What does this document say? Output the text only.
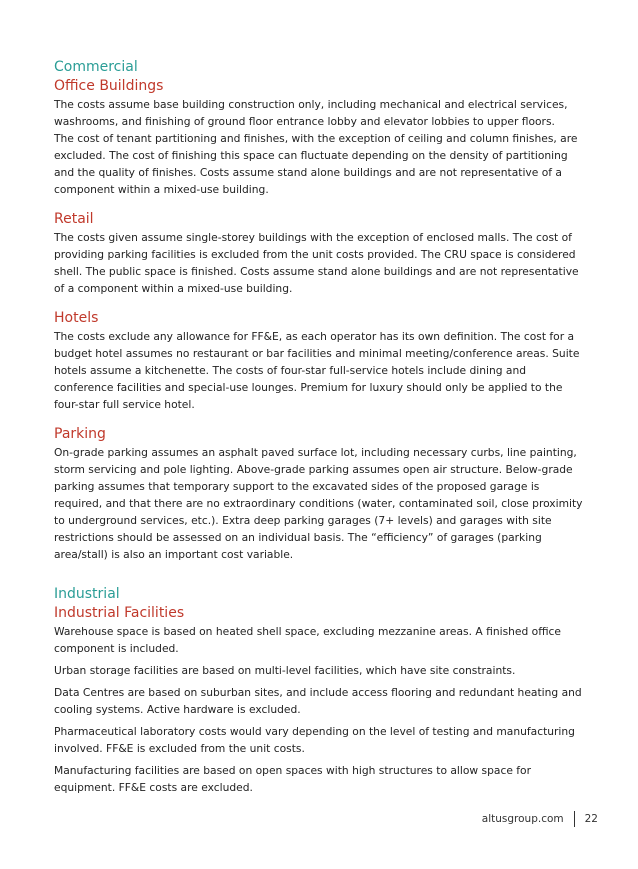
Commercial
Office Buildings

The costs assume base building construction only, including mechanical and electrical services, washrooms, and finishing of ground floor entrance lobby and elevator lobbies to upper floors.

The cost of tenant partitioning and finishes, with the exception of ceiling and column finishes, are excluded. The cost of finishing this space can fluctuate depending on the density of partitioning and the quality of finishes. Costs assume stand alone buildings and are not representative of a component within a mixed-use building.

Retail

The costs given assume single-storey buildings with the exception of enclosed malls. The cost of providing parking facilities is excluded from the unit costs provided. The CRU space is considered shell. The public space is finished. Costs assume stand alone buildings and are not representative of a component within a mixed-use building.

Hotels

The costs exclude any allowance for FF&E, as each operator has its own definition. The cost for a budget hotel assumes no restaurant or bar facilities and minimal meeting/conference areas. Suite hotels assume a kitchenette. The costs of four-star full-service hotels include dining and conference facilities and special-use lounges. Premium for luxury should only be applied to the four-star full service hotel.

Parking

On-grade parking assumes an asphalt paved surface lot, including necessary curbs, line painting, storm servicing and pole lighting. Above-grade parking assumes open air structure. Below-grade parking assumes that temporary support to the excavated sides of the proposed garage is required, and that there are no extraordinary conditions (water, contaminated soil, close proximity to underground services, etc.). Extra deep parking garages (7+ levels) and garages with site restrictions should be assessed on an individual basis. The “efficiency” of garages (parking area/stall) is also an important cost variable.

Industrial
Industrial Facilities

Warehouse space is based on heated shell space, excluding mezzanine areas. A finished office component is included.

Urban storage facilities are based on multi-level facilities, which have site constraints.

Data Centres are based on suburban sites, and include access flooring and redundant heating and cooling systems. Active hardware is excluded.

Pharmaceutical laboratory costs would vary depending on the level of testing and manufacturing involved. FF&E is excluded from the unit costs.

Manufacturing facilities are based on open spaces with high structures to allow space for equipment. FF&E costs are excluded.

altusgroup.com 22
